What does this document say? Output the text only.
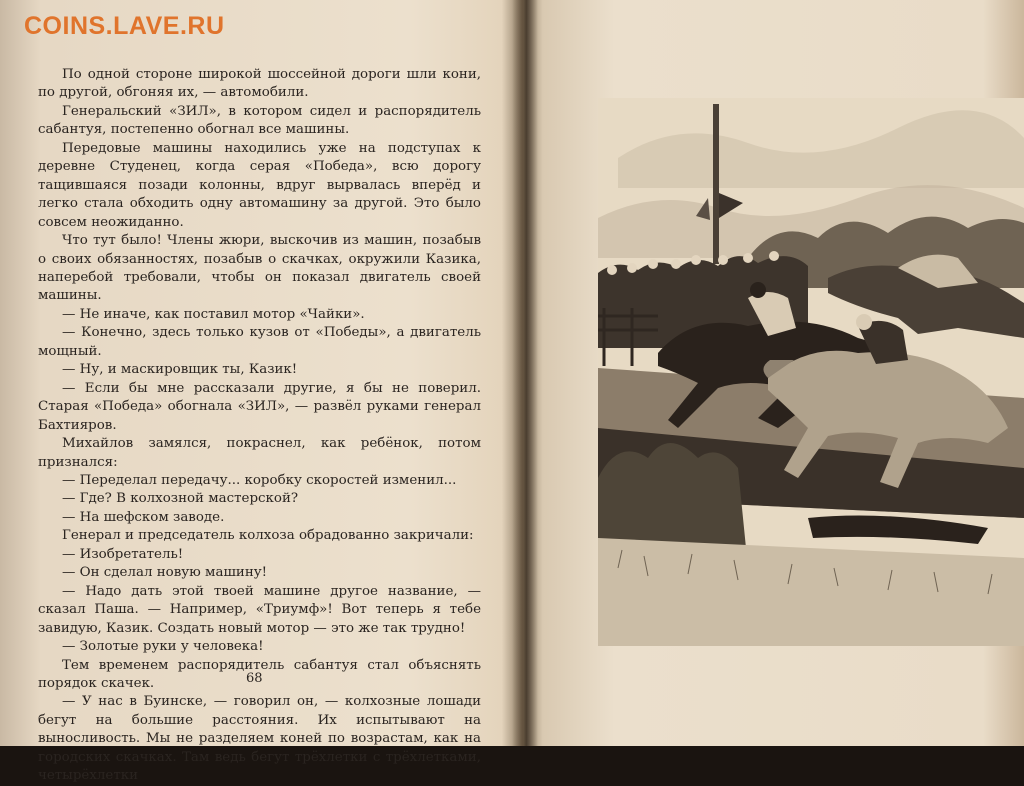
COINS.LAVE.RU

По одной стороне широкой шоссейной дороги шли кони, по другой, обгоняя их, — автомобили.

Генеральский «ЗИЛ», в котором сидел и распорядитель сабантуя, постепенно обогнал все машины.

Передовые машины находились уже на подступах к деревне Студенец, когда серая «Победа», всю дорогу тащившаяся позади колонны, вдруг вырвалась вперёд и легко стала обходить одну автомашину за другой. Это было совсем неожиданно.

Что тут было! Члены жюри, выскочив из машин, позабыв о своих обязанностях, позабыв о скачках, окружили Казика, наперебой требовали, чтобы он показал двигатель своей машины.

— Не иначе, как поставил мотор «Чайки».

— Конечно, здесь только кузов от «Победы», а двигатель мощный.

— Ну, и маскировщик ты, Казик!

— Если бы мне рассказали другие, я бы не поверил. Старая «Победа» обогнала «ЗИЛ», — развёл руками генерал Бахтияров.

Михайлов замялся, покраснел, как ребёнок, потом признался:

— Переделал передачу... коробку скоростей изменил...

— Где? В колхозной мастерской?

— На шефском заводе.

Генерал и председатель колхоза обрадованно закричали:

— Изобретатель!

— Он сделал новую машину!

— Надо дать этой твоей машине другое название, — сказал Паша. — Например, «Триумф»! Вот теперь я тебе завидую, Казик. Создать новый мотор — это же так трудно!

— Золотые руки у человека!

Тем временем распорядитель сабантуя стал объяснять порядок скачек.

— У нас в Буинске, — говорил он, — колхозные лошади бегут на большие расстояния. Их испытывают на выносливость. Мы не разделяем коней по возрастам, как на городских скачках. Там ведь бегут трёхлетки с трёхлетками, четырёхлетки

68
